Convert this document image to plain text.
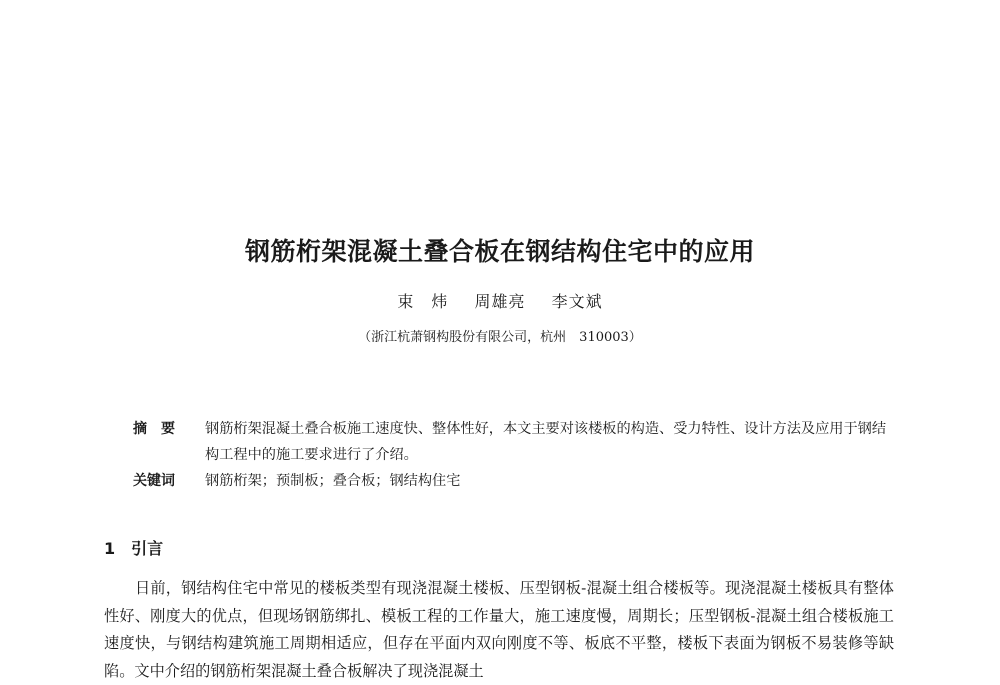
钢筋桁架混凝土叠合板在钢结构住宅中的应用
束　炜 周雄亮 李文斌
（浙江杭萧钢构股份有限公司，杭州　310003）
摘　要	钢筋桁架混凝土叠合板施工速度快、整体性好，本文主要对该楼板的构造、受力特性、设计方法及应用于钢结构工程中的施工要求进行了介绍。
关键词	钢筋桁架；预制板；叠合板；钢结构住宅
1 引言

日前，钢结构住宅中常见的楼板类型有现浇混凝土楼板、压型钢板-混凝土组合楼板等。现浇混凝土楼板具有整体性好、刚度大的优点，但现场钢筋绑扎、模板工程的工作量大，施工速度慢，周期长；压型钢板-混凝土组合楼板施工速度快，与钢结构建筑施工周期相适应，但存在平面内双向刚度不等、板底不平整，楼板下表面为钢板不易装修等缺陷。文中介绍的钢筋桁架混凝土叠合板解决了现浇混凝土
